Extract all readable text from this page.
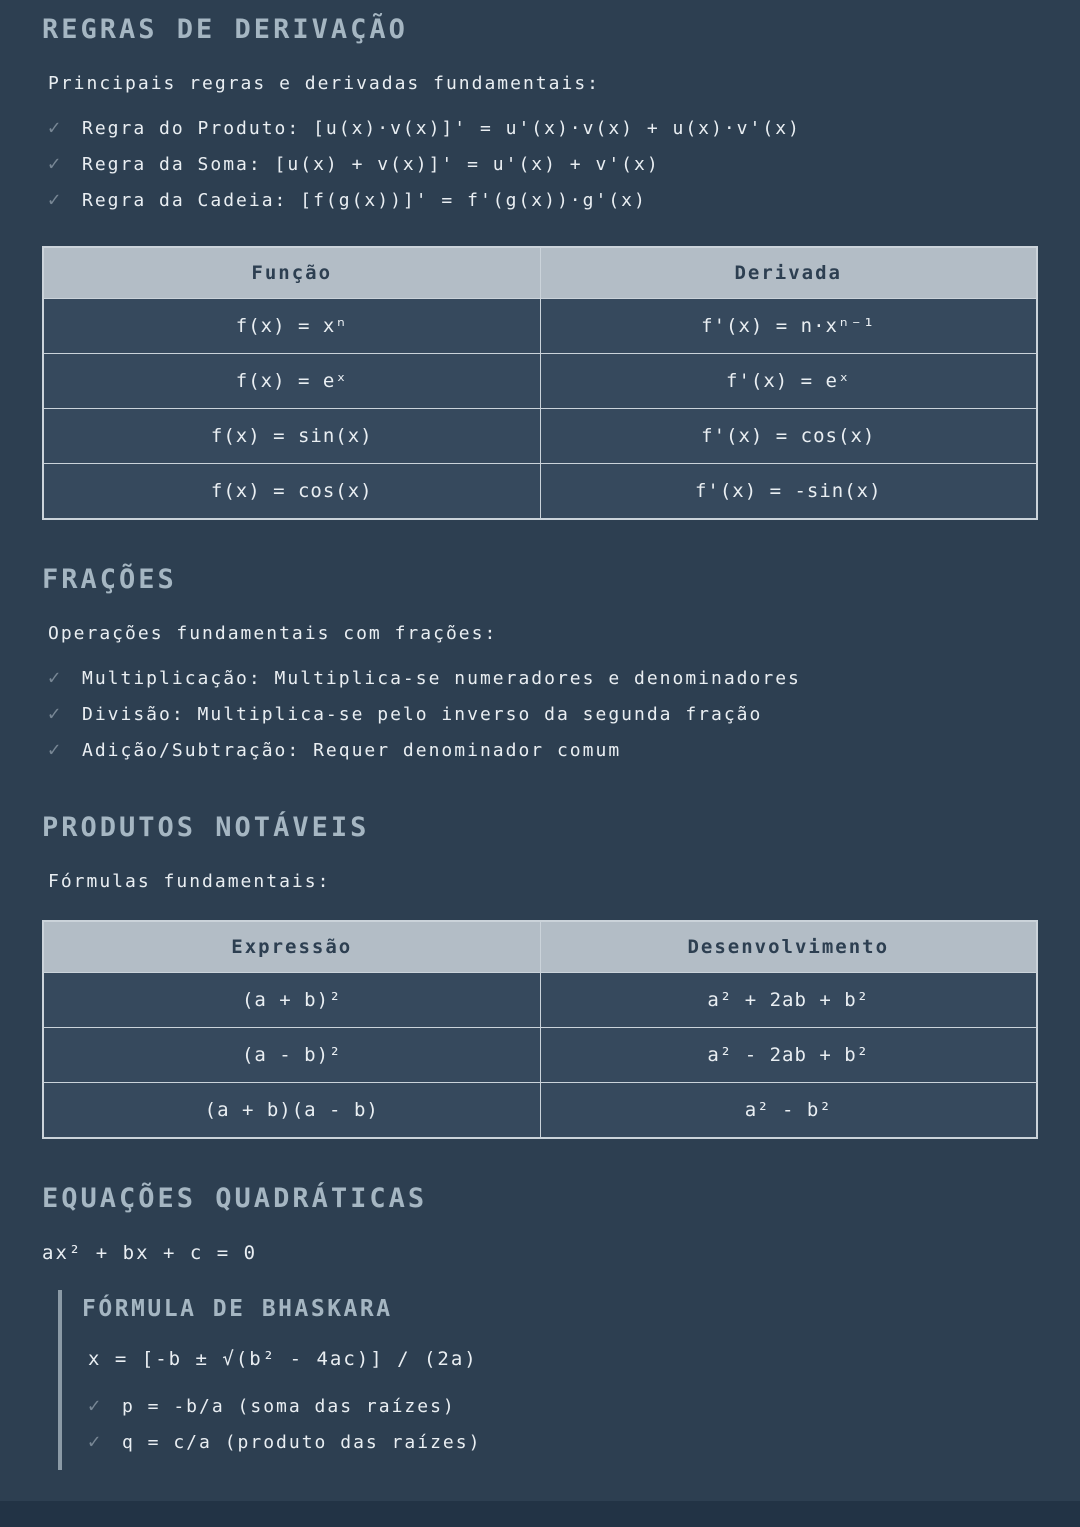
REGRAS DE DERIVAÇÃO

Principais regras e derivadas fundamentais:

✓	Regra do Produto: [u(x)·v(x)]' = u'(x)·v(x) + u(x)·v'(x)
✓	Regra da Soma: [u(x) + v(x)]' = u'(x) + v'(x)
✓	Regra da Cadeia: [f(g(x))]' = f'(g(x))·g'(x)
Função	Derivada
f(x) = xⁿ	f'(x) = n·xⁿ⁻¹
f(x) = eˣ	f'(x) = eˣ
f(x) = sin(x)	f'(x) = cos(x)
f(x) = cos(x)	f'(x) = -sin(x)
FRAÇÕES

Operações fundamentais com frações:

✓	Multiplicação: Multiplica-se numeradores e denominadores
✓	Divisão: Multiplica-se pelo inverso da segunda fração
✓	Adição/Subtração: Requer denominador comum
PRODUTOS NOTÁVEIS

Fórmulas fundamentais:

Expressão	Desenvolvimento
(a + b)²	a² + 2ab + b²
(a - b)²	a² - 2ab + b²
(a + b)(a - b)	a² - b²
EQUAÇÕES QUADRÁTICAS

ax² + bx + c = 0

FÓRMULA DE BHASKARA

x = [-b ± √(b² - 4ac)] / (2a)

✓	p = -b/a (soma das raízes)
✓	q = c/a (produto das raízes)
